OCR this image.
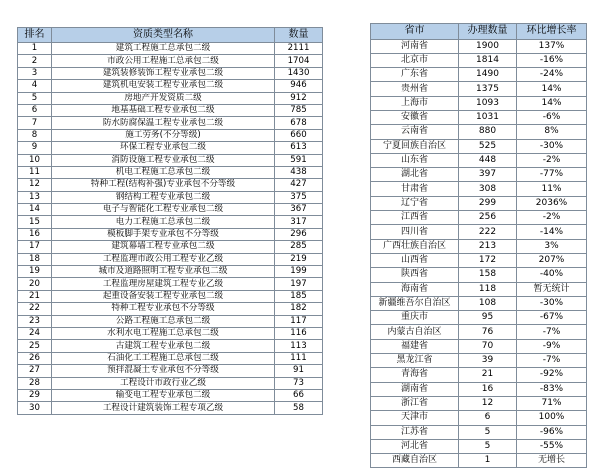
排名	资质类型名称	数量
1	建筑工程施工总承包二级	2111
2	市政公用工程施工总承包二级	1704
3	建筑装修装饰工程专业承包二级	1430
4	建筑机电安装工程专业承包二级	946
5	房地产开发资质二级	912
6	地基基础工程专业承包二级	785
7	防水防腐保温工程专业承包二级	678
8	施工劳务(不分等级)	660
9	环保工程专业承包二级	613
10	消防设施工程专业承包二级	591
11	机电工程施工总承包二级	438
12	特种工程(结构补强)专业承包不分等级	427
13	钢结构工程专业承包二级	375
14	电子与智能化工程专业承包二级	367
15	电力工程施工总承包二级	317
16	模板脚手架专业承包不分等级	296
17	建筑幕墙工程专业承包二级	285
18	工程监理市政公用工程专业乙级	219
19	城市及道路照明工程专业承包二级	199
20	工程监理房屋建筑工程专业乙级	197
21	起重设备安装工程专业承包二级	185
22	特种工程专业承包不分等级	182
23	公路工程施工总承包二级	117
24	水利水电工程施工总承包二级	116
25	古建筑工程专业承包二级	113
26	石油化工工程施工总承包二级	111
27	预拌混凝土专业承包不分等级	91
28	工程设计市政行业乙级	73
29	输变电工程专业承包二级	66
30	工程设计建筑装饰工程专项乙级	58
省市	办理数量	环比增长率
河南省	1900	137%
北京市	1814	-16%
广东省	1490	-24%
贵州省	1375	14%
上海市	1093	14%
安徽省	1031	-6%
云南省	880	8%
宁夏回族自治区	525	-30%
山东省	448	-2%
湖北省	397	-77%
甘肃省	308	11%
辽宁省	299	2036%
江西省	256	-2%
四川省	222	-14%
广西壮族自治区	213	3%
山西省	172	207%
陕西省	158	-40%
海南省	118	暂无统计
新疆维吾尔自治区	108	-30%
重庆市	95	-67%
内蒙古自治区	76	-7%
福建省	70	-9%
黑龙江省	39	-7%
青海省	21	-92%
湖南省	16	-83%
浙江省	12	71%
天津市	6	100%
江苏省	5	-96%
河北省	5	-55%
西藏自治区	1	无增长
